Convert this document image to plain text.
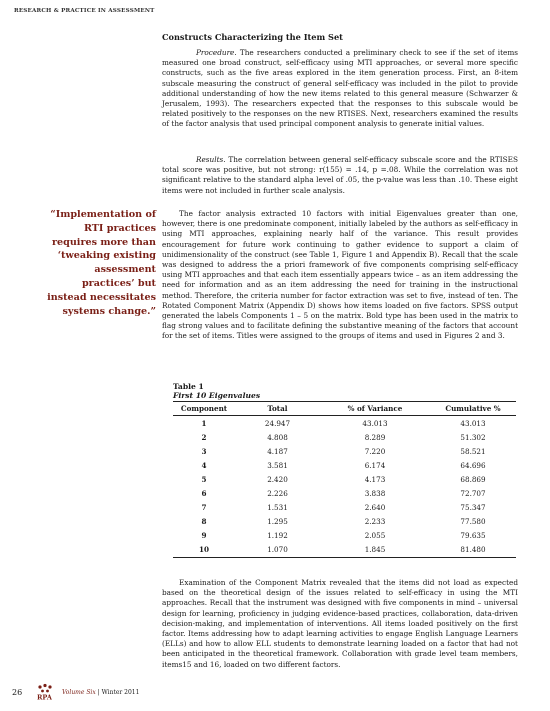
RESEARCH & PRACTICE IN ASSESSMENT
Constructs Characterizing the Item Set

Procedure. The researchers conducted a preliminary check to see if the set of items measured one broad construct, self-efficacy using MTI approaches, or several more specific constructs, such as the five areas explored in the item generation process. First, an 8-item subscale measuring the construct of general self-efficacy was included in the pilot to provide additional understanding of how the new items related to this general measure (Schwarzer & Jerusalem, 1993). The researchers expected that the responses to this subscale would be related positively to the responses on the new RTISES. Next, researchers examined the results of the factor analysis that used principal component analysis to generate initial values.

Results. The correlation between general self-efficacy subscale score and the RTISES total score was positive, but not strong: r(155) = .14, p =.08. While the correlation was not significant relative to the standard alpha level of .05, the p-value was less than .10. These eight items were not included in further scale analysis.

“Implementation of RTI practices requires more than ‘tweaking existing assessment practices’ but instead necessitates systems change.”

The factor analysis extracted 10 factors with initial Eigenvalues greater than one, however, there is one predominate component, initially labeled by the authors as self-efficacy in using MTI approaches, explaining nearly half of the variance. This result provides encouragement for future work continuing to gather evidence to support a claim of unidimensionality of the construct (see Table 1, Figure 1 and Appendix B). Recall that the scale was designed to address the a priori framework of five components comprising self-efficacy using MTI approaches and that each item essentially appears twice – as an item addressing the need for information and as an item addressing the need for training in the instructional method. Therefore, the criteria number for factor extraction was set to five, instead of ten. The Rotated Component Matrix (Appendix D) shows how items loaded on five factors. SPSS output generated the labels Components 1 – 5 on the matrix. Bold type has been used in the matrix to flag strong values and to facilitate defining the substantive meaning of the factors that account for the set of items. Titles were assigned to the groups of items and used in Figures 2 and 3.

Table 1
First 10 Eigenvalues
Component	Total	% of Variance	Cumulative %
1	24.947	43.013	43.013
2	4.808	8.289	51.302
3	4.187	7.220	58.521
4	3.581	6.174	64.696
5	2.420	4.173	68.869
6	2.226	3.838	72.707
7	1.531	2.640	75.347
8	1.295	2.233	77.580
9	1.192	2.055	79.635
10	1.070	1.845	81.480

Examination of the Component Matrix revealed that the items did not load as expected based on the theoretical design of the issues related to self-efficacy in using the MTI approaches. Recall that the instrument was designed with five components in mind – universal design for learning, proficiency in judging evidence-based practices, collaboration, data-driven decision-making, and implementation of interventions. All items loaded positively on the first factor. Items addressing how to adapt learning activities to engage English Language Learners (ELLs) and how to allow ELL students to demonstrate learning loaded on a factor that had not been anticipated in the theoretical framework. Collaboration with grade level team members, items15 and 16, loaded on two different factors.

26
RPA
Volume Six | Winter 2011
